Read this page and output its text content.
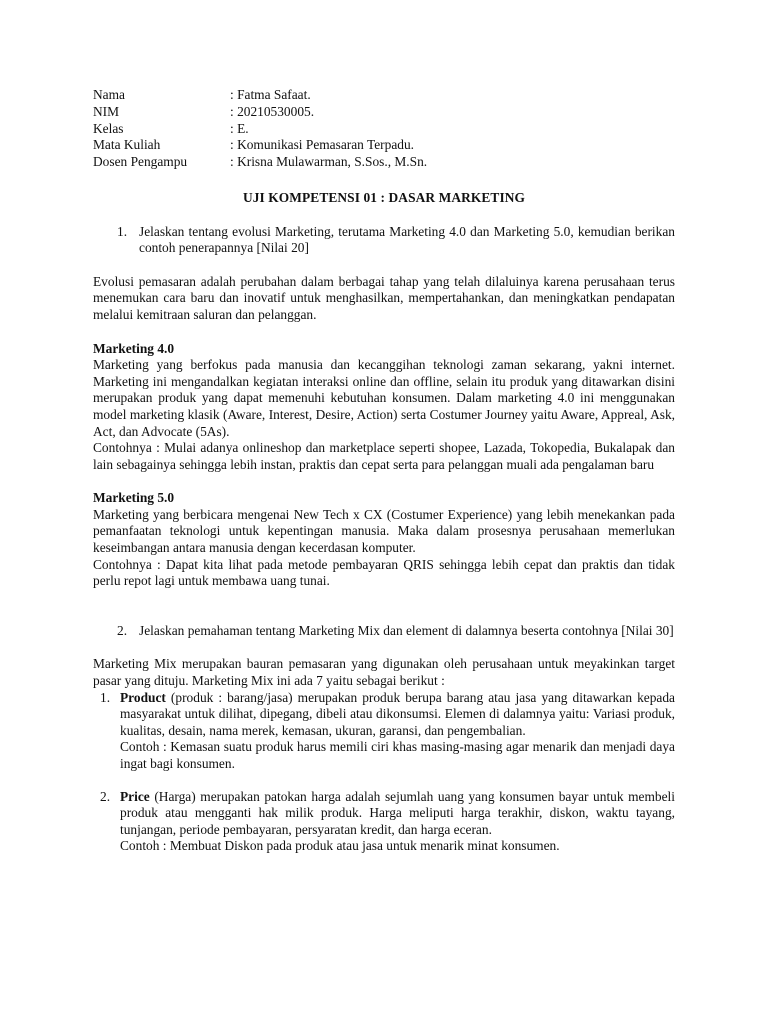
Nama	: Fatma Safaat.
NIM	: 20210530005.
Kelas	: E.
Mata Kuliah	: Komunikasi Pemasaran Terpadu.
Dosen Pengampu	: Krisna Mulawarman, S.Sos., M.Sn.
UJI KOMPETENSI 01 : DASAR MARKETING
1. Jelaskan tentang evolusi Marketing, terutama Marketing 4.0 dan Marketing 5.0, kemudian berikan contoh penerapannya [Nilai 20]

Evolusi pemasaran adalah perubahan dalam berbagai tahap yang telah dilaluinya karena perusahaan terus menemukan cara baru dan inovatif untuk menghasilkan, mempertahankan, dan meningkatkan pendapatan melalui kemitraan saluran dan pelanggan.

Marketing 4.0

Marketing yang berfokus pada manusia dan kecanggihan teknologi zaman sekarang, yakni internet. Marketing ini mengandalkan kegiatan interaksi online dan offline, selain itu produk yang ditawarkan disini merupakan produk yang dapat memenuhi kebutuhan konsumen. Dalam marketing 4.0 ini menggunakan model marketing klasik (Aware, Interest, Desire, Action) serta Costumer Journey yaitu Aware, Appreal, Ask, Act, dan Advocate (5As).

Contohnya : Mulai adanya onlineshop dan marketplace seperti shopee, Lazada, Tokopedia, Bukalapak dan lain sebagainya sehingga lebih instan, praktis dan cepat serta para pelanggan muali ada pengalaman baru

Marketing 5.0

Marketing yang berbicara mengenai New Tech x CX (Costumer Experience) yang lebih menekankan pada pemanfaatan teknologi untuk kepentingan manusia. Maka dalam prosesnya perusahaan memerlukan keseimbangan antara manusia dengan kecerdasan komputer.

Contohnya : Dapat kita lihat pada metode pembayaran QRIS sehingga lebih cepat dan praktis dan tidak perlu repot lagi untuk membawa uang tunai.

2. Jelaskan pemahaman tentang Marketing Mix dan element di dalamnya beserta contohnya [Nilai 30]

Marketing Mix merupakan bauran pemasaran yang digunakan oleh perusahaan untuk meyakinkan target pasar yang dituju. Marketing Mix ini ada 7 yaitu sebagai berikut :

1. Product (produk : barang/jasa) merupakan produk berupa barang atau jasa yang ditawarkan kepada masyarakat untuk dilihat, dipegang, dibeli atau dikonsumsi. Elemen di dalamnya yaitu: Variasi produk, kualitas, desain, nama merek, kemasan, ukuran, garansi, dan pengembalian.

Contoh : Kemasan suatu produk harus memili ciri khas masing-masing agar menarik dan menjadi daya ingat bagi konsumen.

2. Price (Harga) merupakan patokan harga adalah sejumlah uang yang konsumen bayar untuk membeli produk atau mengganti hak milik produk. Harga meliputi harga terakhir, diskon, waktu tayang, tunjangan, periode pembayaran, persyaratan kredit, dan harga eceran.

Contoh : Membuat Diskon pada produk atau jasa untuk menarik minat konsumen.
